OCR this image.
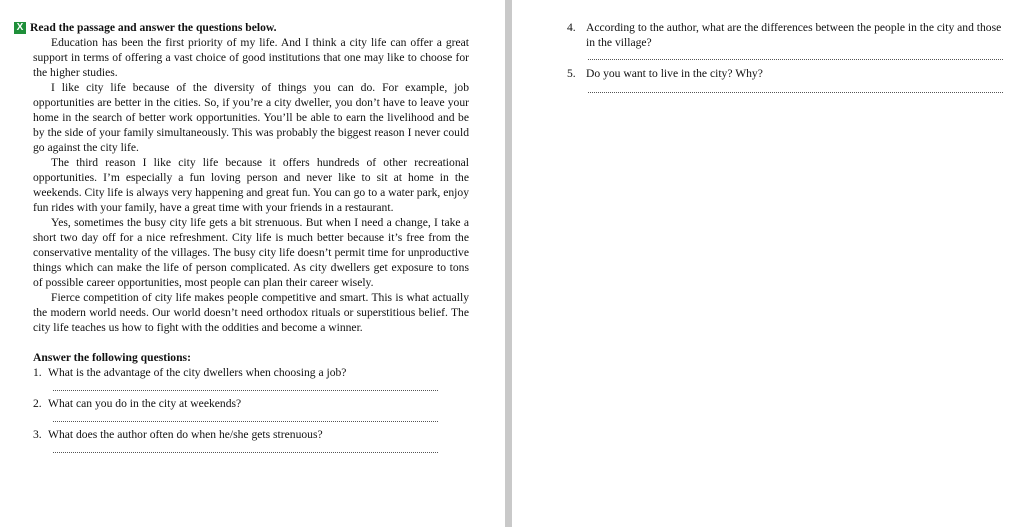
X Read the passage and answer the questions below.

Education has been the first priority of my life. And I think a city life can offer a great support in terms of offering a vast choice of good institutions that one may like to choose for the higher studies.

I like city life because of the diversity of things you can do. For example, job opportunities are better in the cities. So, if you’re a city dweller, you don’t have to leave your home in the search of better work opportunities. You’ll be able to earn the livelihood and be by the side of your family simultaneously. This was probably the biggest reason I never could go against the city life.

The third reason I like city life because it offers hundreds of other recreational opportunities. I’m especially a fun loving person and never like to sit at home in the weekends. City life is always very happening and great fun. You can go to a water park, enjoy fun rides with your family, have a great time with your friends in a restaurant.

Yes, sometimes the busy city life gets a bit strenuous. But when I need a change, I take a short two day off for a nice refreshment. City life is much better because it’s free from the conservative mentality of the villages. The busy city life doesn’t permit time for unproductive things which can make the life of person complicated. As city dwellers get exposure to tons of possible career opportunities, most people can plan their career wisely.

Fierce competition of city life makes people competitive and smart. This is what actually the modern world needs. Our world doesn’t need orthodox rituals or superstitious belief. The city life teaches us how to fight with the oddities and become a winner.

Answer the following questions:

1. What is the advantage of the city dwellers when choosing a job?

2. What can you do in the city at weekends?

3. What does the author often do when he/she gets strenuous?

4. According to the author, what are the differences between the people in the city and those in the village?
5. Do you want to live in the city? Why?
